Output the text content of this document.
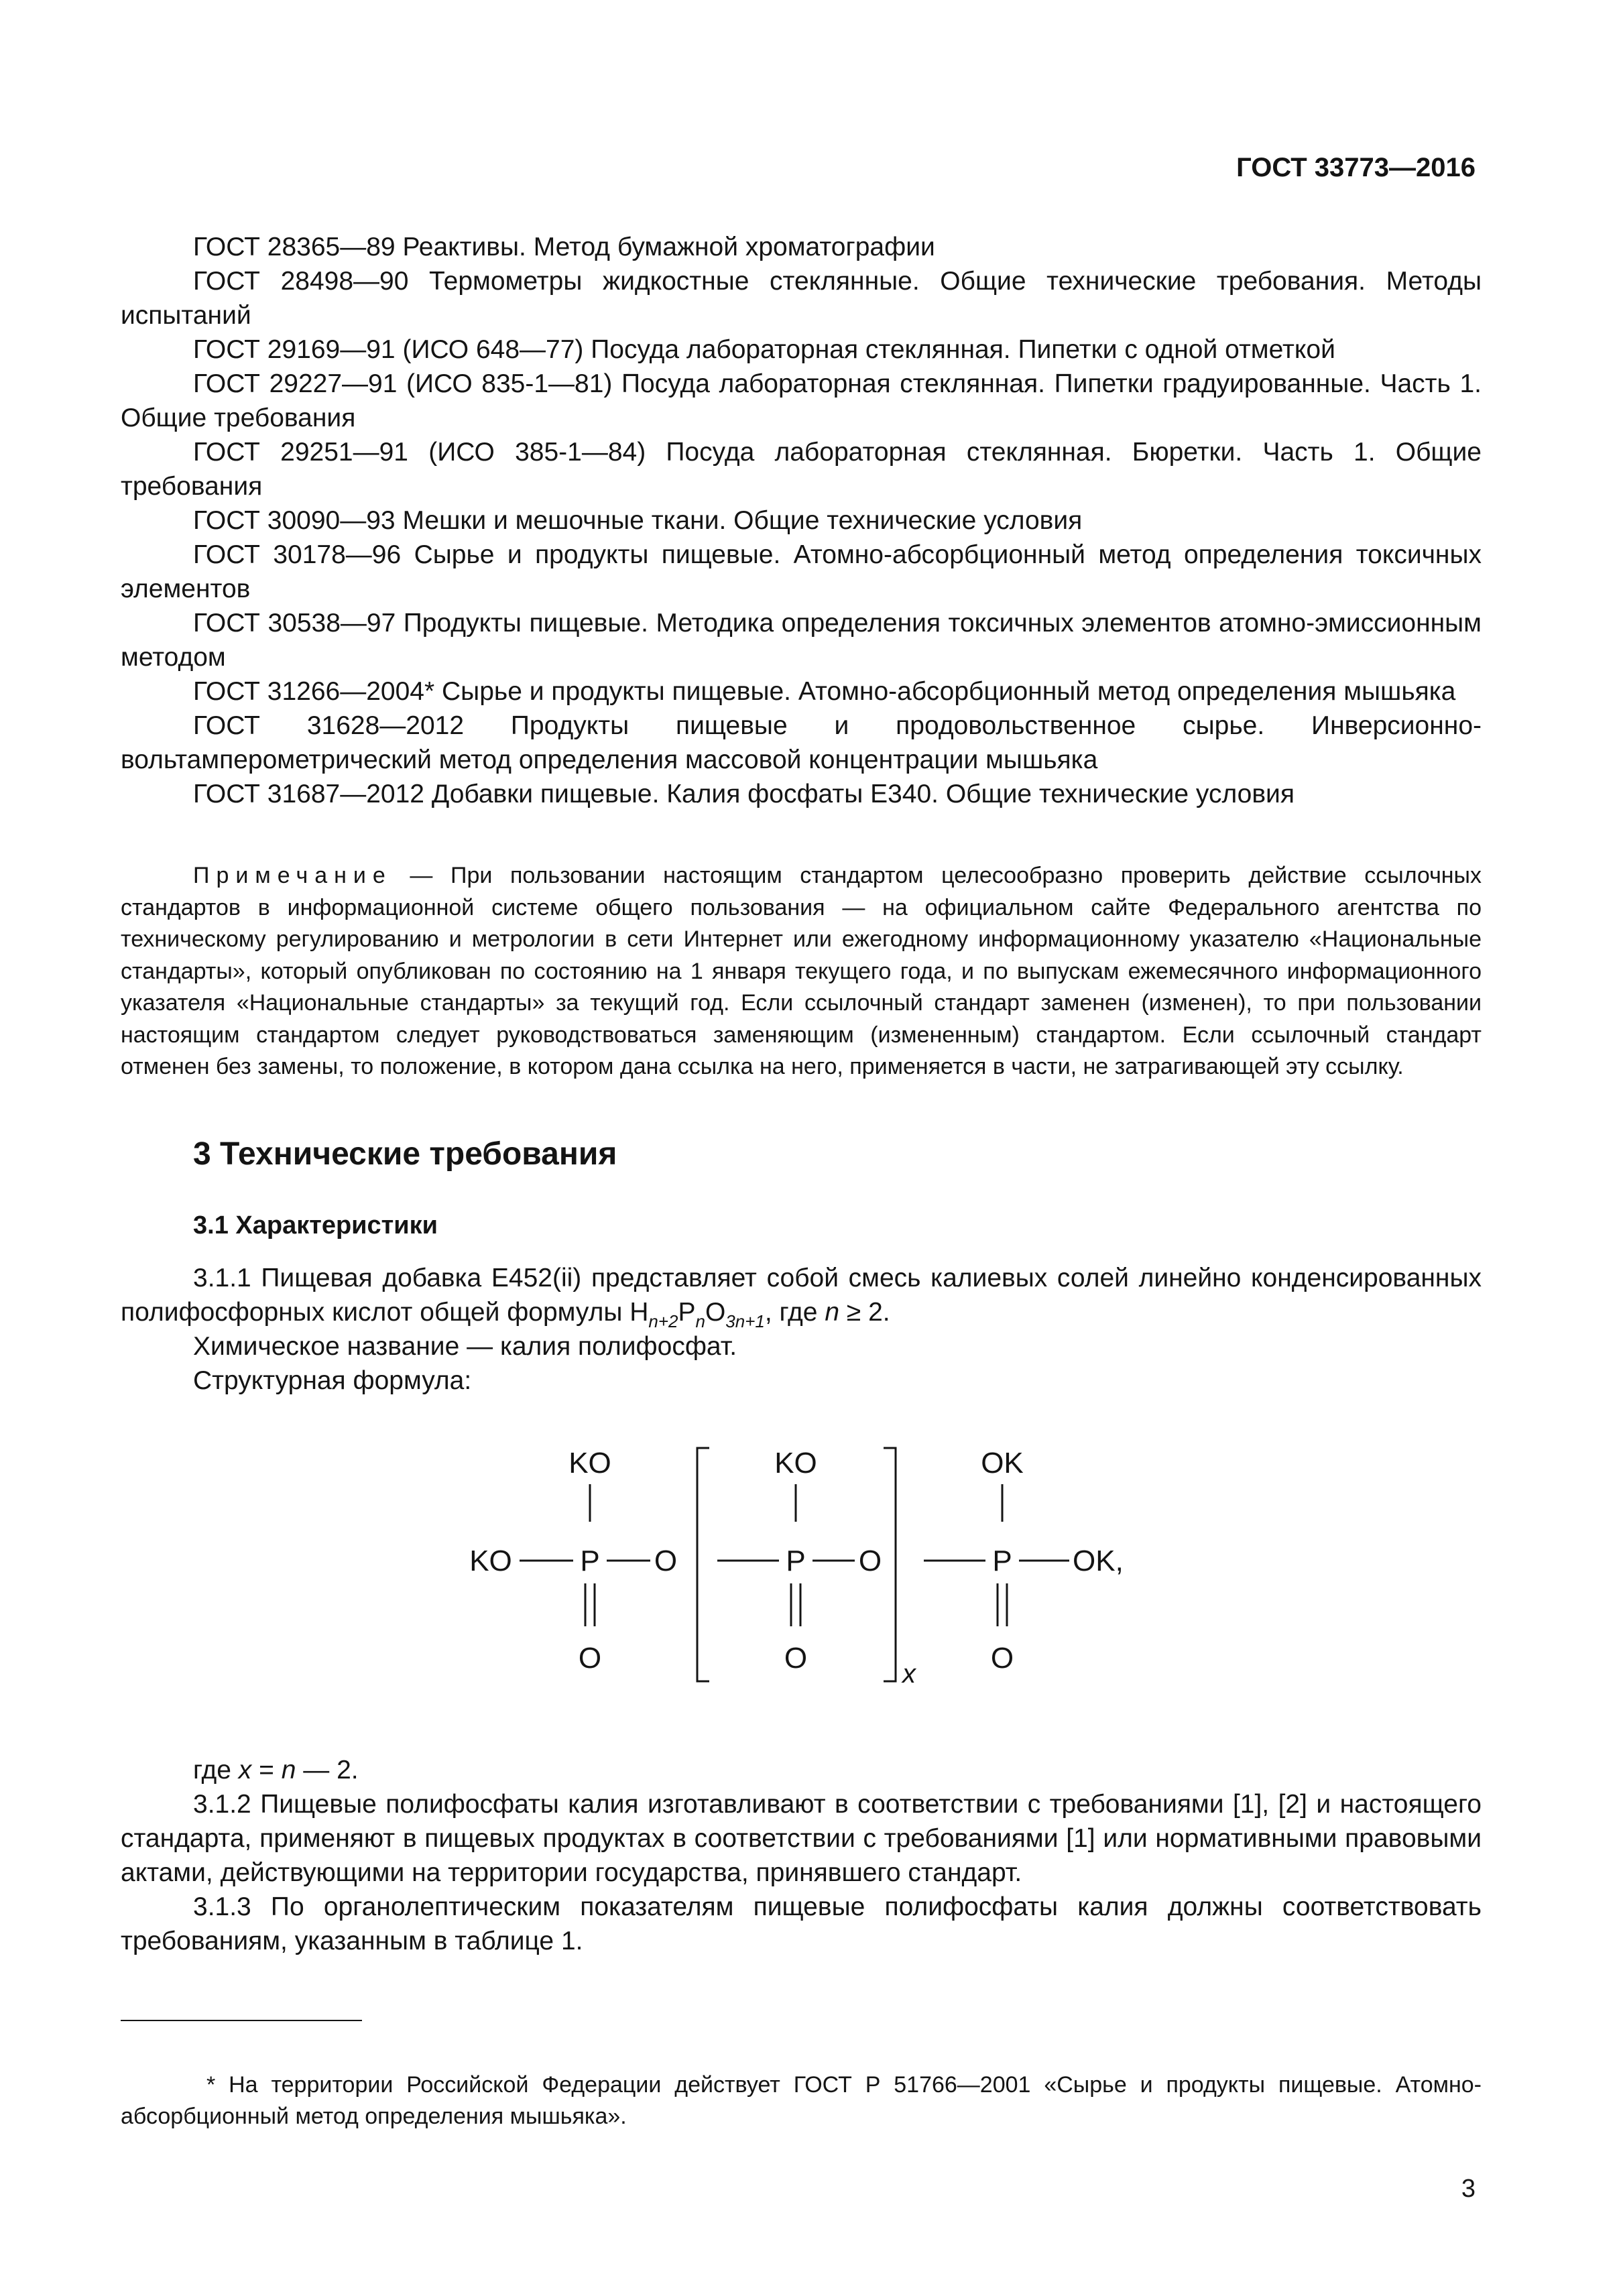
ГОСТ 33773—2016

ГОСТ 28365—89 Реактивы. Метод бумажной хроматографии

ГОСТ 28498—90 Термометры жидкостные стеклянные. Общие технические требования. Методы испытаний

ГОСТ 29169—91 (ИСО 648—77) Посуда лабораторная стеклянная. Пипетки с одной отметкой

ГОСТ 29227—91 (ИСО 835-1—81) Посуда лабораторная стеклянная. Пипетки градуированные. Часть 1. Общие требования

ГОСТ 29251—91 (ИСО 385-1—84) Посуда лабораторная стеклянная. Бюретки. Часть 1. Общие требования

ГОСТ 30090—93 Мешки и мешочные ткани. Общие технические условия

ГОСТ 30178—96 Сырье и продукты пищевые. Атомно-абсорбционный метод определения токсичных элементов

ГОСТ 30538—97 Продукты пищевые. Методика определения токсичных элементов атомно-эмиссионным методом

ГОСТ 31266—2004* Сырье и продукты пищевые. Атомно-абсорбционный метод определения мышьяка

ГОСТ 31628—2012 Продукты пищевые и продовольственное сырье. Инверсионно-вольтамперометрический метод определения массовой концентрации мышьяка

ГОСТ 31687—2012 Добавки пищевые. Калия фосфаты E340. Общие технические условия

Примечание — При пользовании настоящим стандартом целесообразно проверить действие ссылочных стандартов в информационной системе общего пользования — на официальном сайте Федерального агентства по техническому регулированию и метрологии в сети Интернет или ежегодному информационному указателю «Национальные стандарты», который опубликован по состоянию на 1 января текущего года, и по выпускам ежемесячного информационного указателя «Национальные стандарты» за текущий год. Если ссылочный стандарт заменен (изменен), то при пользовании настоящим стандартом следует руководствоваться заменяющим (измененным) стандартом. Если ссылочный стандарт отменен без замены, то положение, в котором дана ссылка на него, применяется в части, не затрагивающей эту ссылку.
3 Технические требования
3.1 Характеристики

3.1.1 Пищевая добавка E452(ii) представляет собой смесь калиевых солей линейно конденсированных полифосфорных кислот общей формулы $H_{n+2}P_nO_{3n+1}$, где n ≥ 2.

Химическое название — калия полифосфат.

Структурная формула:

KO
KO P O
O
KO
P O
O	x
OK
P OK,
O

где x = n — 2.

3.1.2 Пищевые полифосфаты калия изготавливают в соответствии с требованиями [1], [2] и настоящего стандарта, применяют в пищевых продуктах в соответствии с требованиями [1] или нормативными правовыми актами, действующими на территории государства, принявшего стандарт.

3.1.3 По органолептическим показателям пищевые полифосфаты калия должны соответствовать требованиям, указанным в таблице 1.

* На территории Российской Федерации действует ГОСТ Р 51766—2001 «Сырье и продукты пищевые. Атомно-абсорбционный метод определения мышьяка».

3
